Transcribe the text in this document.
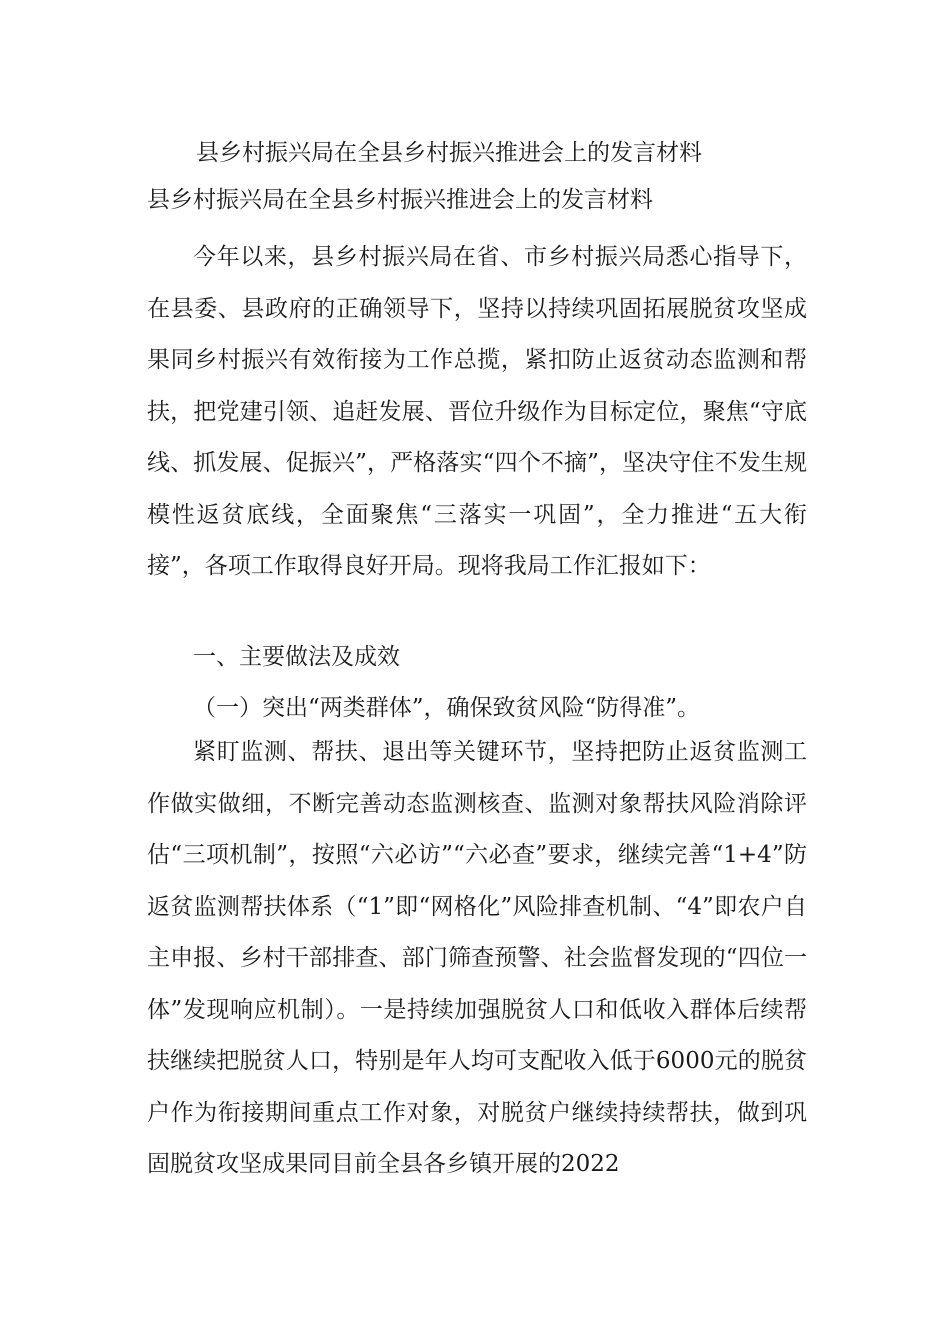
县乡村振兴局在全县乡村振兴推进会上的发言材料
县乡村振兴局在全县乡村振兴推进会上的发言材料

今年以来，县乡村振兴局在省、市乡村振兴局悉心指导下，在县委、县政府的正确领导下，坚持以持续巩固拓展脱贫攻坚成果同乡村振兴有效衔接为工作总揽，紧扣防止返贫动态监测和帮扶，把党建引领、追赶发展、晋位升级作为目标定位，聚焦“守底线、抓发展、促振兴”，严格落实“四个不摘”，坚决守住不发生规模性返贫底线，全面聚焦“三落实一巩固”，全力推进“五大衔接”，各项工作取得良好开局。现将我局工作汇报如下：

一、主要做法及成效

（一）突出“两类群体”，确保致贫风险“防得准”。

紧盯监测、帮扶、退出等关键环节，坚持把防止返贫监测工作做实做细，不断完善动态监测核查、监测对象帮扶风险消除评估“三项机制”，按照“六必访”“六必查”要求，继续完善“1+4”防返贫监测帮扶体系（“1”即“网格化”风险排查机制、“4”即农户自主申报、乡村干部排查、部门筛查预警、社会监督发现的“四位一体”发现响应机制）。一是持续加强脱贫人口和低收入群体后续帮扶继续把脱贫人口，特别是年人均可支配收入低于6000元的脱贫户作为衔接期间重点工作对象，对脱贫户继续持续帮扶，做到巩固脱贫攻坚成果同目前全县各乡镇开展的2022
